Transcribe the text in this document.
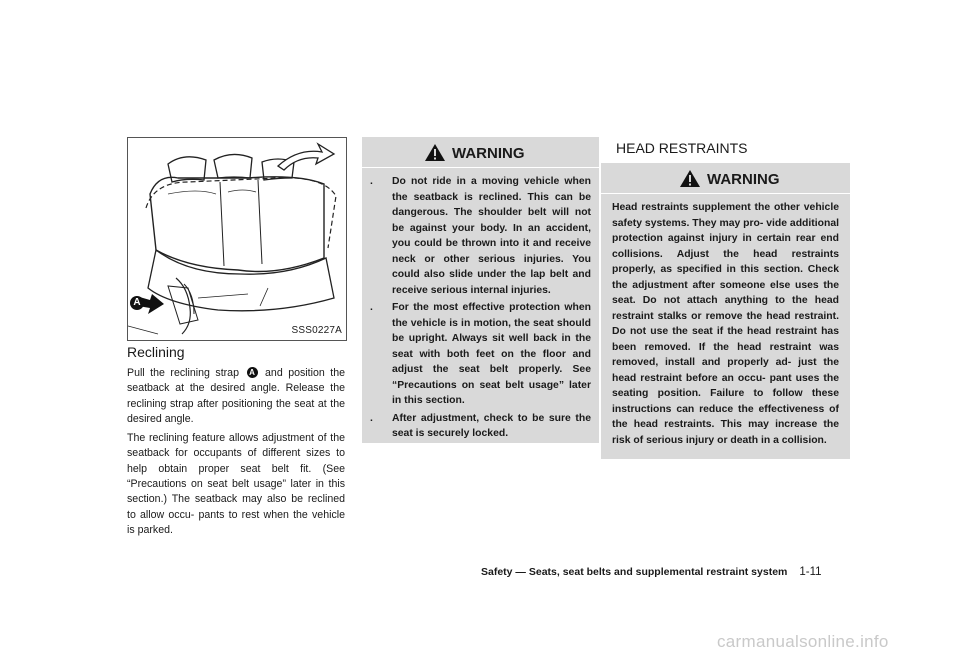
A
SSS0227A
Reclining

Pull the reclining strap A and position the seatback at the desired angle. Release the reclining strap after positioning the seat at the desired angle.

The reclining feature allows adjustment of the seatback for occupants of different sizes to help obtain proper seat belt fit. (See “Precautions on seat belt usage” later in this section.) The seatback may also be reclined to allow occu- pants to rest when the vehicle is parked.

WARNING
. Do not ride in a moving vehicle when the seatback is reclined. This can be dangerous. The shoulder belt will not be against your body. In an accident, you could be thrown into it and receive neck or other serious injuries. You could also slide under the lap belt and receive serious internal injuries.
. For the most effective protection when the vehicle is in motion, the seat should be upright. Always sit well back in the seat with both feet on the floor and adjust the seat belt properly. See “Precautions on seat belt usage” later in this section.
. After adjustment, check to be sure the seat is securely locked.
HEAD RESTRAINTS
WARNING

Head restraints supplement the other vehicle safety systems. They may pro- vide additional protection against injury in certain rear end collisions. Adjust the head restraints properly, as specified in this section. Check the adjustment after someone else uses the seat. Do not attach anything to the head restraint stalks or remove the head restraint. Do not use the seat if the head restraint has been removed. If the head restraint was removed, install and properly ad- just the head restraint before an occu- pant uses the seating position. Failure to follow these instructions can reduce the effectiveness of the head restraints. This may increase the risk of serious injury or death in a collision.

Safety — Seats, seat belts and supplemental restraint system 1-11
carmanualsonline.info
